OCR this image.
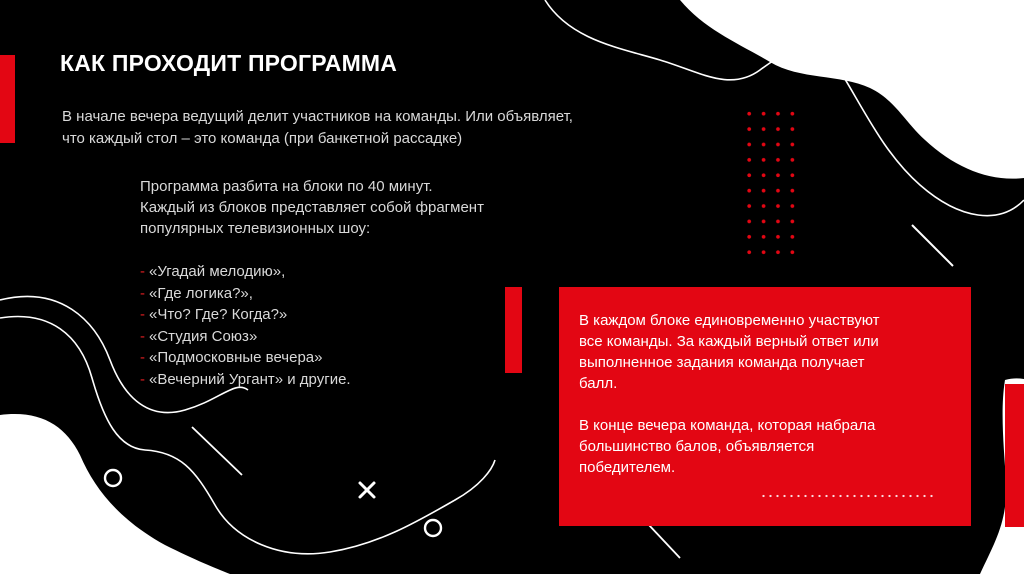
КАК ПРОХОДИТ ПРОГРАММА
В начале вечера ведущий делит участников на команды. Или объявляет,
что каждый стол – это команда (при банкетной рассадке)
Программа разбита на блоки по 40 минут.
Каждый из блоков представляет собой фрагмент
популярных телевизионных шоу:
- «Угадай мелодию»,
- «Где логика?»,
- «Что? Где? Когда?»
- «Студия Союз»
- «Подмосковные вечера»
- «Вечерний Ургант» и другие.

В каждом блоке единовременно участвуют
все команды. За каждый верный ответ или
выполненное задания команда получает
балл.

В конце вечера команда, которая набрала
большинство балов, объявляется
победителем.
